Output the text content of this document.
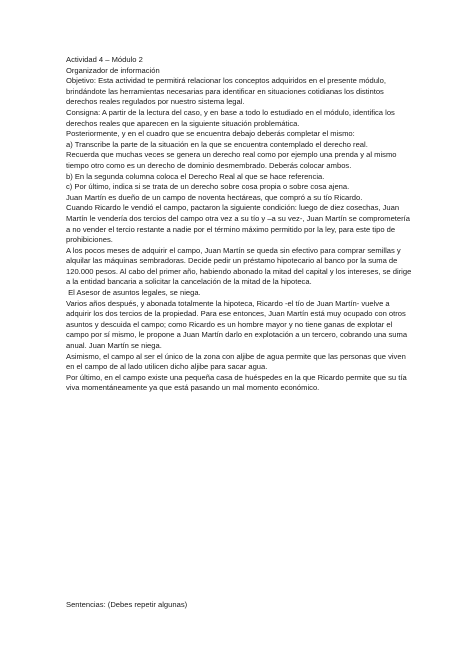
Actividad 4 – Módulo 2

Organizador de información

Objetivo: Esta actividad te permitirá relacionar los conceptos adquiridos en el presente módulo, brindándote las herramientas necesarias para identificar en situaciones cotidianas los distintos derechos reales regulados por nuestro sistema legal.

Consigna: A partir de la lectura del caso, y en base a todo lo estudiado en el módulo, identifica los derechos reales que aparecen en la siguiente situación problemática.

Posteriormente, y en el cuadro que se encuentra debajo deberás completar el mismo:

a) Transcribe la parte de la situación en la que se encuentra contemplado el derecho real.

Recuerda que muchas veces se genera un derecho real como por ejemplo una prenda y al mismo tiempo otro como es un derecho de dominio desmembrado. Deberás colocar ambos.

b) En la segunda columna coloca el Derecho Real al que se hace referencia.

c) Por último, indica si se trata de un derecho sobre cosa propia o sobre cosa ajena.

Juan Martín es dueño de un campo de noventa hectáreas, que compró a su tío Ricardo.

Cuando Ricardo le vendió el campo, pactaron la siguiente condición: luego de diez cosechas, Juan Martín le vendería dos tercios del campo otra vez a su tío y –a su vez-, Juan Martín se comprometería a no vender el tercio restante a nadie por el término máximo permitido por la ley, para este tipo de prohibiciones.

A los pocos meses de adquirir el campo, Juan Martín se queda sin efectivo para comprar semillas y alquilar las máquinas sembradoras. Decide pedir un préstamo hipotecario al banco por la suma de 120.000 pesos. Al cabo del primer año, habiendo abonado la mitad del capital y los intereses, se dirige a la entidad bancaria a solicitar la cancelación de la mitad de la hipoteca.

El Asesor de asuntos legales, se niega.

Varios años después, y abonada totalmente la hipoteca, Ricardo -el tío de Juan Martín- vuelve a adquirir los dos tercios de la propiedad. Para ese entonces, Juan Martín está muy ocupado con otros asuntos y descuida el campo; como Ricardo es un hombre mayor y no tiene ganas de explotar el campo por sí mismo, le propone a Juan Martín darlo en explotación a un tercero, cobrando una suma anual. Juan Martín se niega.

Asimismo, el campo al ser el único de la zona con aljibe de agua permite que las personas que viven en el campo de al lado utilicen dicho aljibe para sacar agua.

Por último, en el campo existe una pequeña casa de huéspedes en la que Ricardo permite que su tía viva momentáneamente ya que está pasando un mal momento económico.

Sentencias: (Debes repetir algunas)
